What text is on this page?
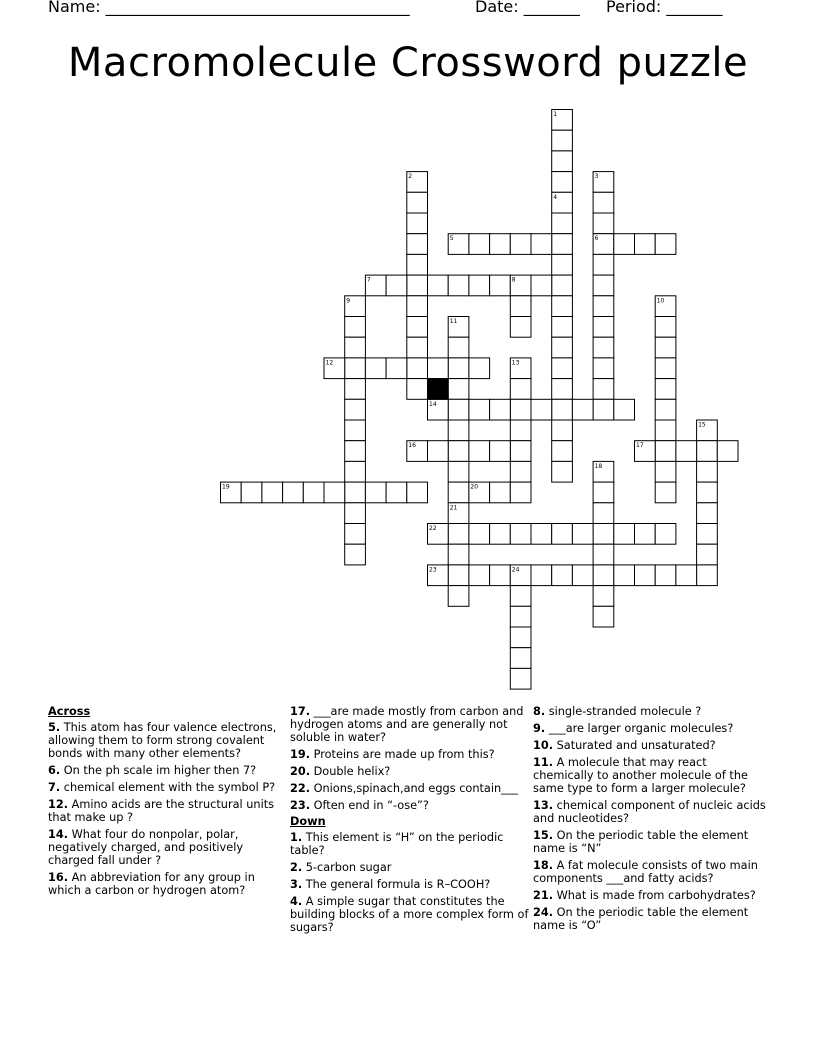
Name: ______________________________________	Date: _______ Period: _______
Macromolecule Crossword puzzle
1
2	3
4
5	6
7	8
9	10
11
12	13
14
15
16	17
18
19	20
21
22
23	24
Across
5. This atom has four valence electrons, allowing them to form strong covalent bonds with many other elements?
6. On the ph scale im higher then 7?
7. chemical element with the symbol P?
12. Amino acids are the structural units that make up ?
14. What four do nonpolar, polar, negatively charged, and positively charged fall under ?
16. An abbreviation for any group in which a carbon or hydrogen atom?
17. ___are made mostly from carbon and hydrogen atoms and are generally not soluble in water?
19. Proteins are made up from this?
20. Double helix?
22. Onions,spinach,and eggs contain___
23. Often end in “-ose”?
Down
1. This element is “H” on the periodic table?
2. 5-carbon sugar
3. The general formula is R–COOH?
4. A simple sugar that constitutes the building blocks of a more complex form of sugars?
8. single-stranded molecule ?
9. ___are larger organic molecules?
10. Saturated and unsaturated?
11. A molecule that may react chemically to another molecule of the same type to form a larger molecule?
13. chemical component of nucleic acids and nucleotides?
15. On the periodic table the element name is “N”
18. A fat molecule consists of two main components ___and fatty acids?
21. What is made from carbohydrates?
24. On the periodic table the element name is “O”
